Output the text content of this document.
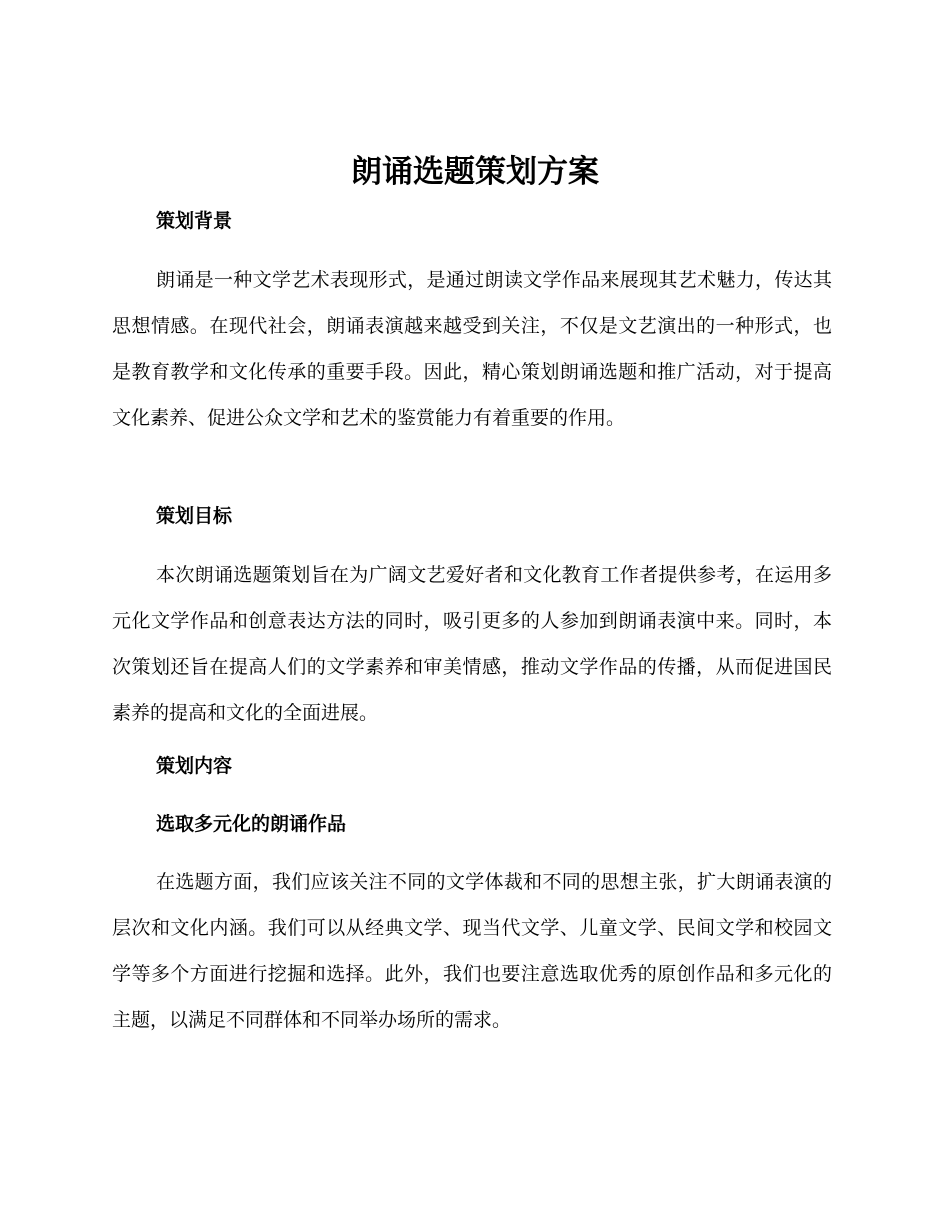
朗诵选题策划方案
策划背景

朗诵是一种文学艺术表现形式，是通过朗读文学作品来展现其艺术魅力，传达其思想情感。在现代社会，朗诵表演越来越受到关注，不仅是文艺演出的一种形式，也是教育教学和文化传承的重要手段。因此，精心策划朗诵选题和推广活动，对于提高文化素养、促进公众文学和艺术的鉴赏能力有着重要的作用。

策划目标

本次朗诵选题策划旨在为广阔文艺爱好者和文化教育工作者提供参考，在运用多元化文学作品和创意表达方法的同时，吸引更多的人参加到朗诵表演中来。同时，本次策划还旨在提高人们的文学素养和审美情感，推动文学作品的传播，从而促进国民素养的提高和文化的全面进展。

策划内容
选取多元化的朗诵作品

在选题方面，我们应该关注不同的文学体裁和不同的思想主张，扩大朗诵表演的层次和文化内涵。我们可以从经典文学、现当代文学、儿童文学、民间文学和校园文学等多个方面进行挖掘和选择。此外，我们也要注意选取优秀的原创作品和多元化的主题，以满足不同群体和不同举办场所的需求。
